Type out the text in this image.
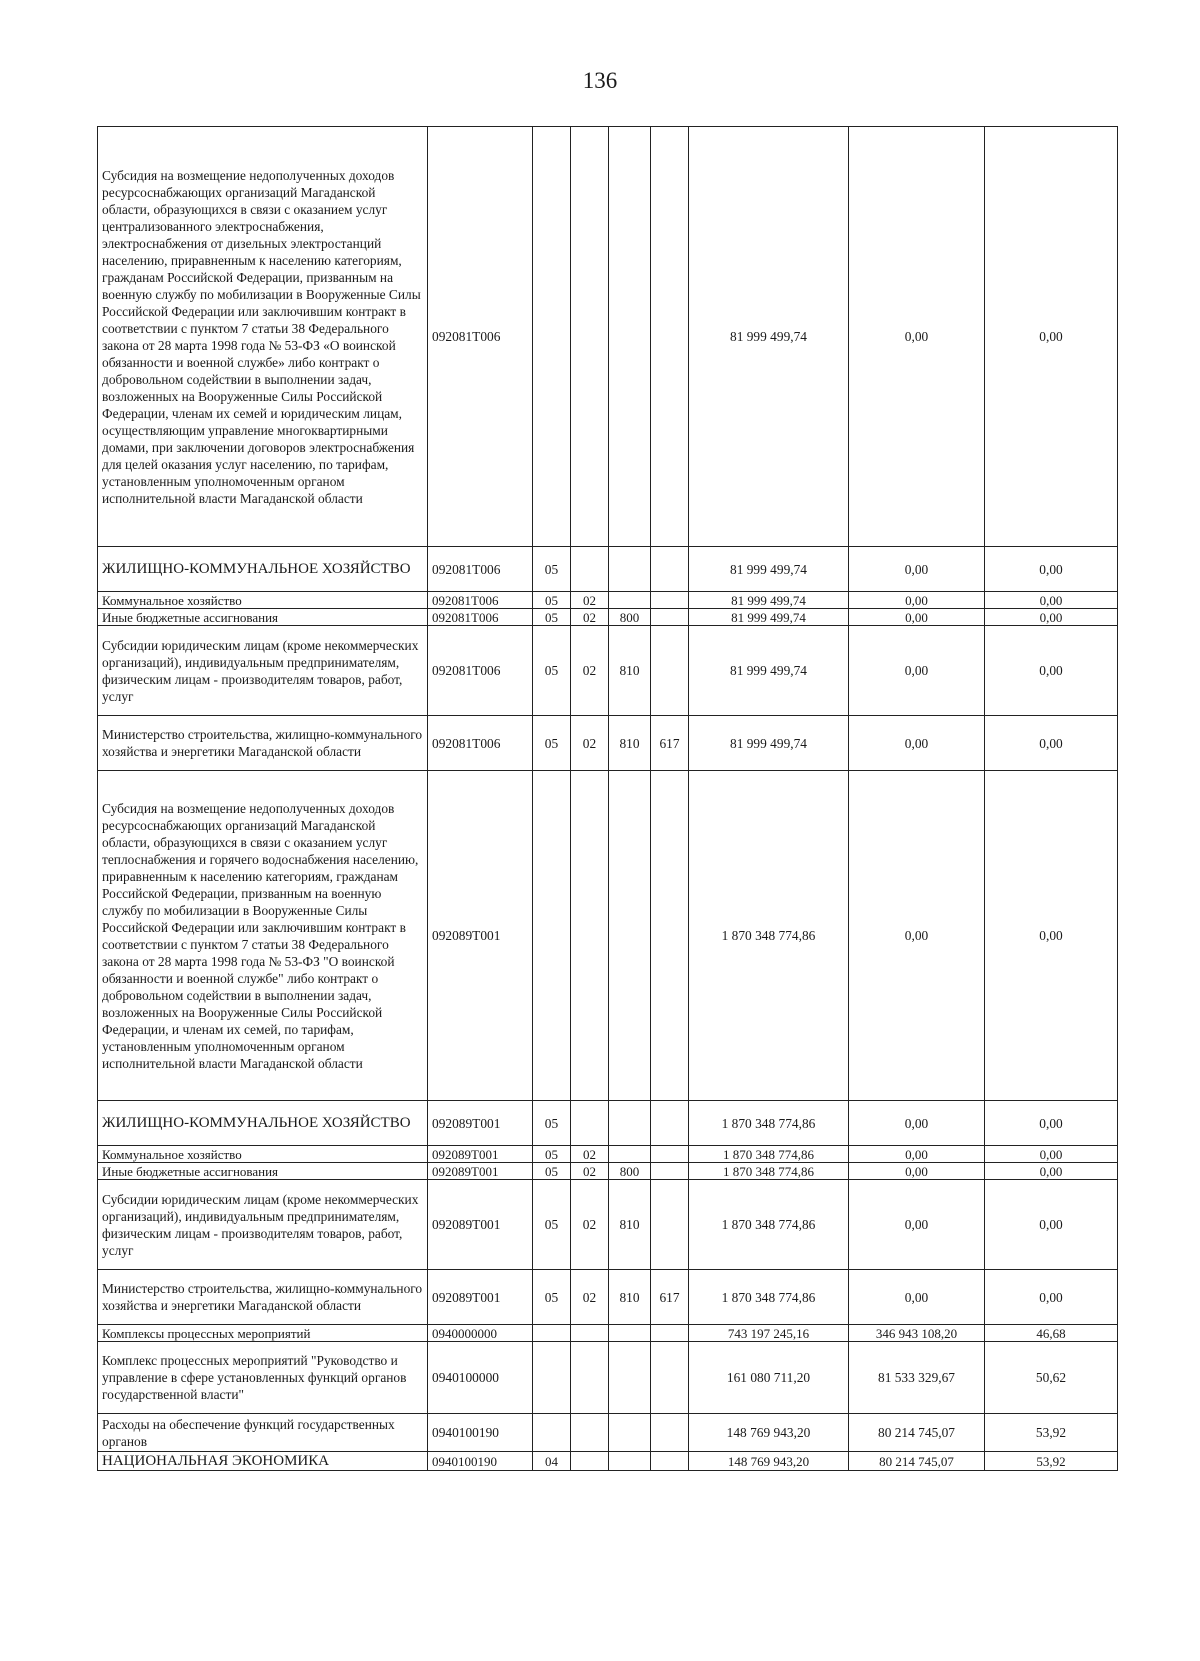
136
Субсидия на возмещение недополученных доходов ресурсоснабжающих организаций Магаданской области, образующихся в связи с оказанием услуг централизованного электроснабжения, электроснабжения от дизельных электростанций населению, приравненным к населению категориям, гражданам Российской Федерации, призванным на военную службу по мобилизации в Вооруженные Силы Российской Федерации или заключившим контракт в соответствии с пунктом 7 статьи 38 Федерального закона от 28 марта 1998 года № 53-ФЗ «О воинской обязанности и военной службе» либо контракт о добровольном содействии в выполнении задач, возложенных на Вооруженные Силы Российской Федерации, членам их семей и юридическим лицам, осуществляющим управление многоквартирными домами, при заключении договоров электроснабжения для целей оказания услуг населению, по тарифам, установленным уполномоченным органом исполнительной власти Магаданской области	092081Т006					81 999 499,74	0,00	0,00
ЖИЛИЩНО-КОММУНАЛЬНОЕ ХОЗЯЙСТВО	092081Т006	05				81 999 499,74	0,00	0,00
Коммунальное хозяйство	092081Т006	05	02			81 999 499,74	0,00	0,00
Иные бюджетные ассигнования	092081Т006	05	02	800		81 999 499,74	0,00	0,00
Субсидии юридическим лицам (кроме некоммерческих организаций), индивидуальным предпринимателям, физическим лицам - производителям товаров, работ, услуг	092081Т006	05	02	810		81 999 499,74	0,00	0,00
Министерство строительства, жилищно-коммунального хозяйства и энергетики Магаданской области	092081Т006	05	02	810	617	81 999 499,74	0,00	0,00
Субсидия на возмещение недополученных доходов ресурсоснабжающих организаций Магаданской области, образующихся в связи с оказанием услуг теплоснабжения и горячего водоснабжения населению, приравненным к населению категориям, гражданам Российской Федерации, призванным на военную службу по мобилизации в Вооруженные Силы Российской Федерации или заключившим контракт в соответствии с пунктом 7 статьи 38 Федерального закона от 28 марта 1998 года № 53-ФЗ "О воинской обязанности и военной службе" либо контракт о добровольном содействии в выполнении задач, возложенных на Вооруженные Силы Российской Федерации, и членам их семей, по тарифам, установленным уполномоченным органом исполнительной власти Магаданской области	092089Т001					1 870 348 774,86	0,00	0,00
ЖИЛИЩНО-КОММУНАЛЬНОЕ ХОЗЯЙСТВО	092089Т001	05				1 870 348 774,86	0,00	0,00
Коммунальное хозяйство	092089Т001	05	02			1 870 348 774,86	0,00	0,00
Иные бюджетные ассигнования	092089Т001	05	02	800		1 870 348 774,86	0,00	0,00
Субсидии юридическим лицам (кроме некоммерческих организаций), индивидуальным предпринимателям, физическим лицам - производителям товаров, работ, услуг	092089Т001	05	02	810		1 870 348 774,86	0,00	0,00
Министерство строительства, жилищно-коммунального хозяйства и энергетики Магаданской области	092089Т001	05	02	810	617	1 870 348 774,86	0,00	0,00
Комплексы процессных мероприятий	0940000000					743 197 245,16	346 943 108,20	46,68
Комплекс процессных мероприятий "Руководство и управление в сфере установленных функций органов государственной власти"	0940100000					161 080 711,20	81 533 329,67	50,62
Расходы на обеспечение функций государственных органов	0940100190					148 769 943,20	80 214 745,07	53,92
НАЦИОНАЛЬНАЯ ЭКОНОМИКА	0940100190	04				148 769 943,20	80 214 745,07	53,92
